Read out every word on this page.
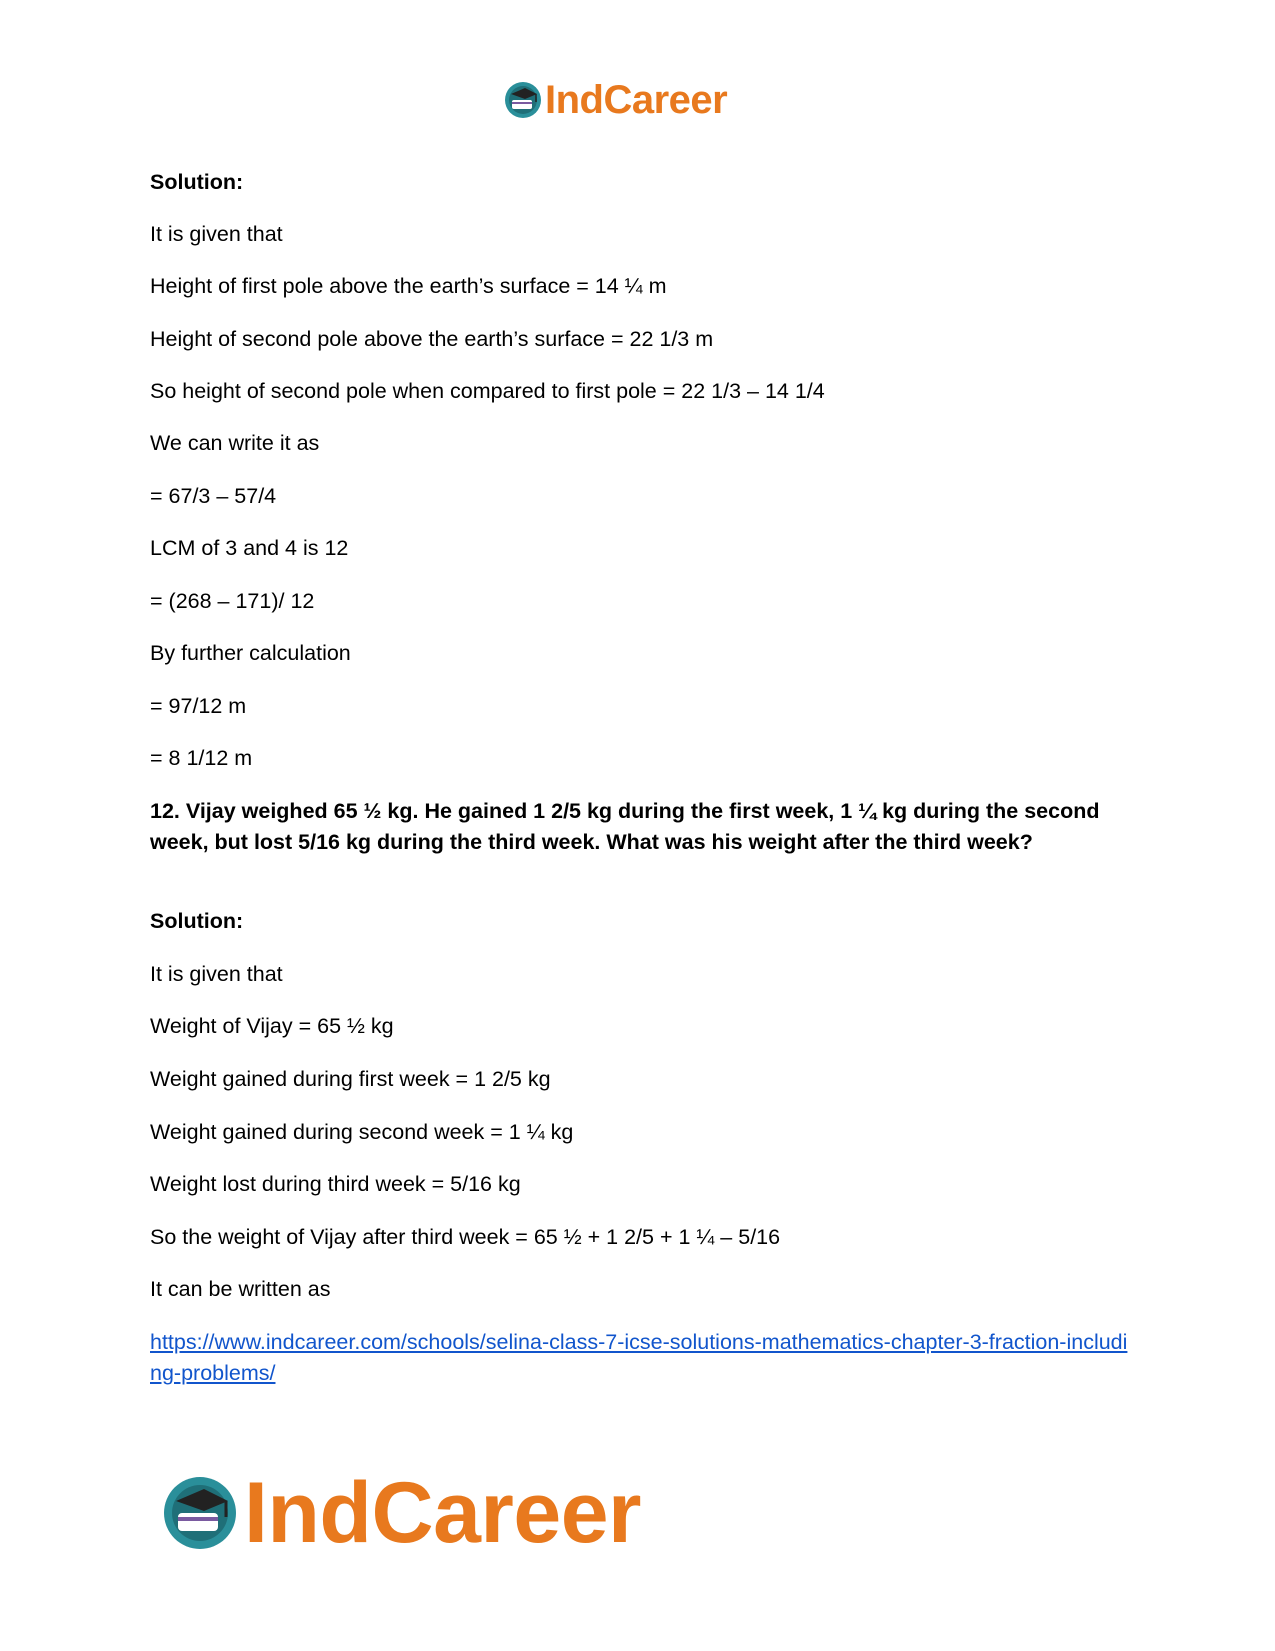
IndCareer
Solution:
It is given that
Height of first pole above the earth’s surface = 14 ¼ m
Height of second pole above the earth’s surface = 22 1/3 m
So height of second pole when compared to first pole = 22 1/3 – 14 1/4
We can write it as
= 67/3 – 57/4
LCM of 3 and 4 is 12
= (268 – 171)/ 12
By further calculation
= 97/12 m
= 8 1/12 m
12. Vijay weighed 65 ½ kg. He gained 1 2/5 kg during the first week, 1 ¼ kg during the second week, but lost 5/16 kg during the third week. What was his weight after the third week?
Solution:
It is given that
Weight of Vijay = 65 ½ kg
Weight gained during first week = 1 2/5 kg
Weight gained during second week = 1 ¼ kg
Weight lost during third week = 5/16 kg
So the weight of Vijay after third week = 65 ½ + 1 2/5 + 1 ¼ – 5/16
It can be written as
https://www.indcareer.com/schools/selina-class-7-icse-solutions-mathematics-chapter-3-fraction-including-problems/
IndCareer
